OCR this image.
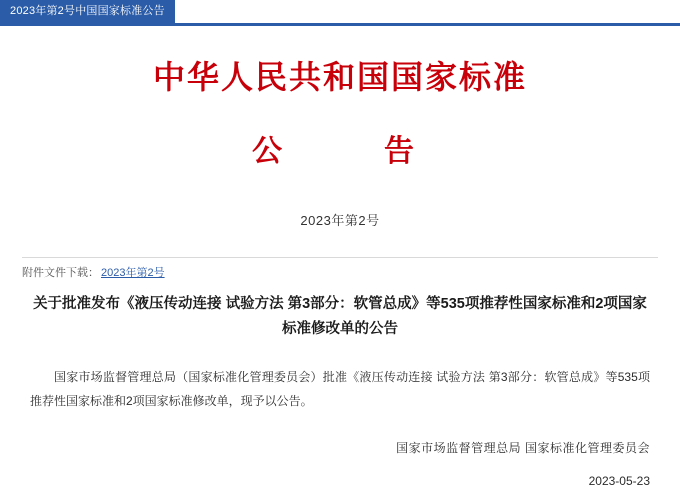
2023年第2号中国国家标准公告
中华人民共和国国家标准
公　　告
2023年第2号
附件文件下载： 2023年第2号
关于批准发布《液压传动连接 试验方法 第3部分：软管总成》等535项推荐性国家标准和2项国家标准修改单的公告
国家市场监督管理总局（国家标准化管理委员会）批准《液压传动连接 试验方法 第3部分：软管总成》等535项推荐性国家标准和2项国家标准修改单，现予以公告。
国家市场监督管理总局 国家标准化管理委员会
2023-05-23
